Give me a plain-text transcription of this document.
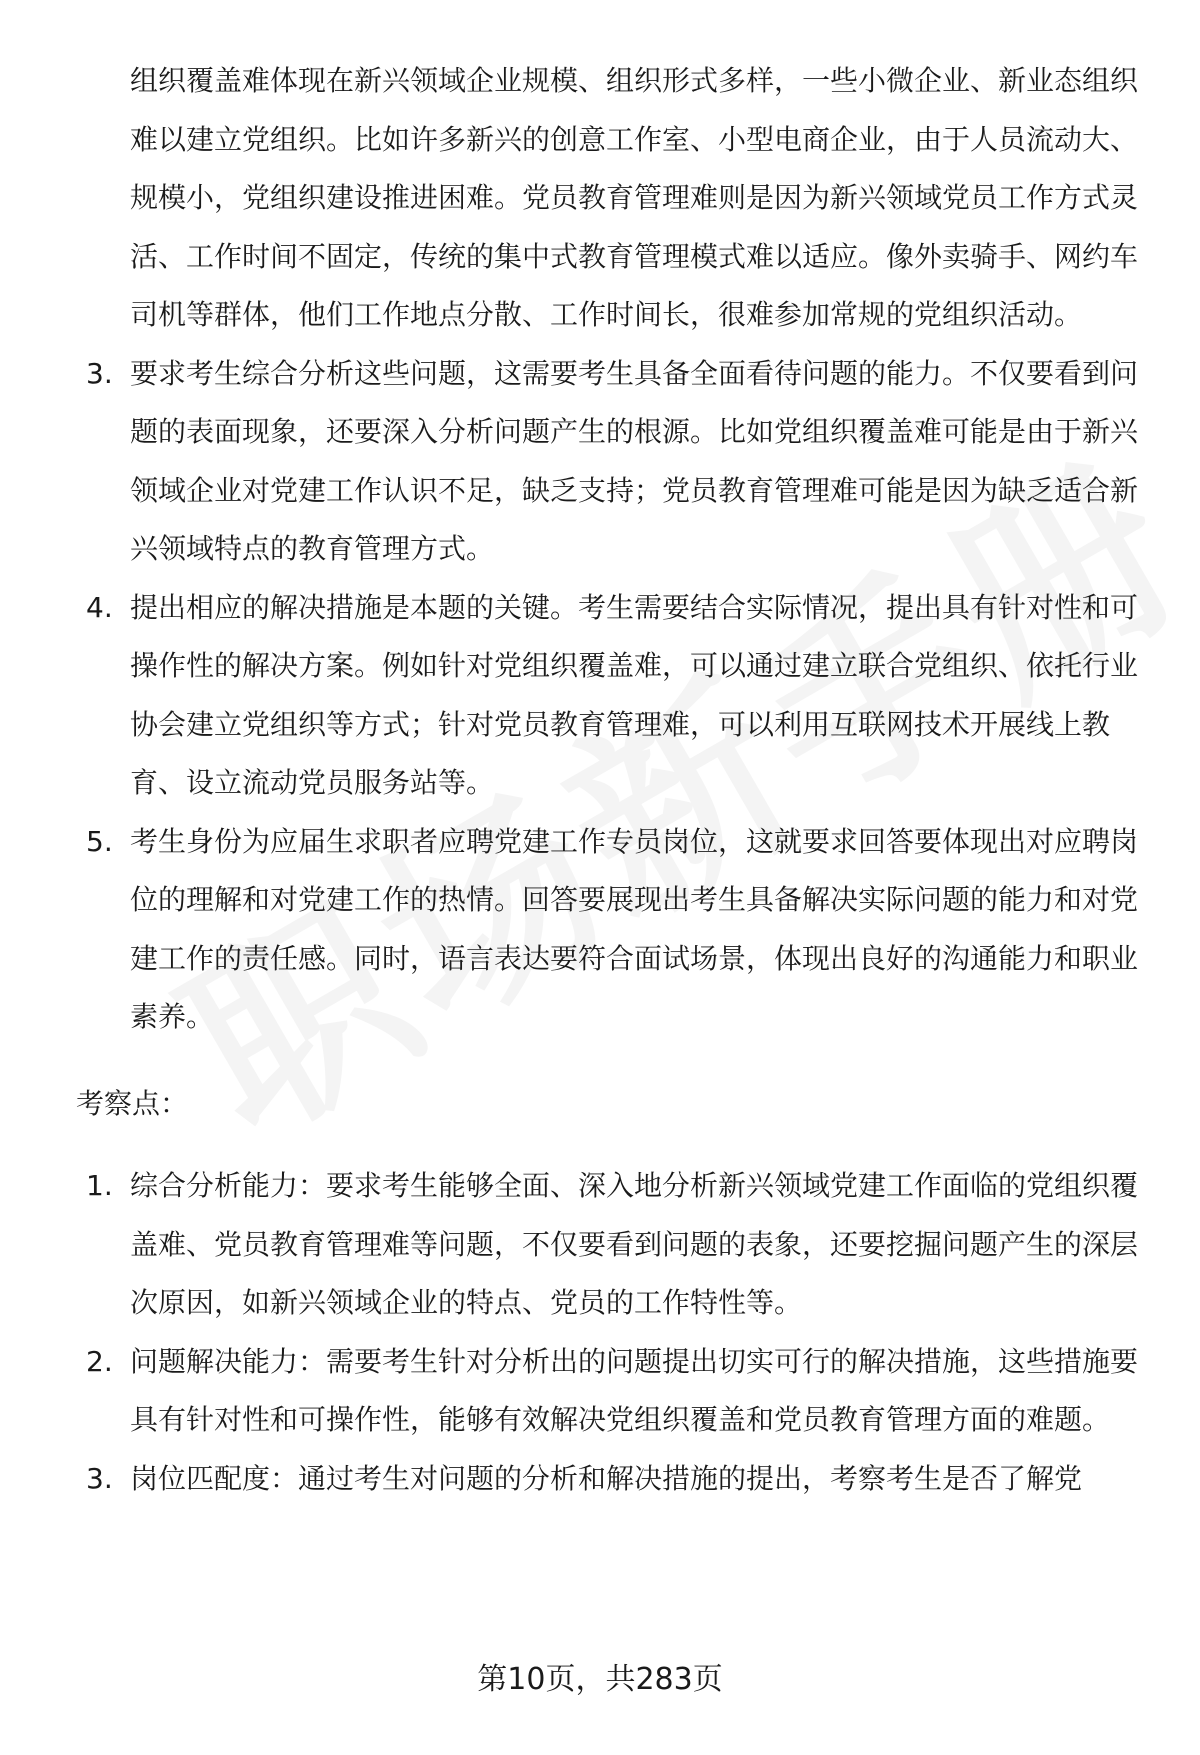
组织覆盖难体现在新兴领域企业规模、组织形式多样，一些小微企业、新业态组织难以建立党组织。比如许多新兴的创意工作室、小型电商企业，由于人员流动大、规模小，党组织建设推进困难。党员教育管理难则是因为新兴领域党员工作方式灵活、工作时间不固定，传统的集中式教育管理模式难以适应。像外卖骑手、网约车司机等群体，他们工作地点分散、工作时间长，很难参加常规的党组织活动。

3. 要求考生综合分析这些问题，这需要考生具备全面看待问题的能力。不仅要看到问题的表面现象，还要深入分析问题产生的根源。比如党组织覆盖难可能是由于新兴领域企业对党建工作认识不足，缺乏支持；党员教育管理难可能是因为缺乏适合新兴领域特点的教育管理方式。
4. 提出相应的解决措施是本题的关键。考生需要结合实际情况，提出具有针对性和可操作性的解决方案。例如针对党组织覆盖难，可以通过建立联合党组织、依托行业协会建立党组织等方式；针对党员教育管理难，可以利用互联网技术开展线上教育、设立流动党员服务站等。
5. 考生身份为应届生求职者应聘党建工作专员岗位，这就要求回答要体现出对应聘岗位的理解和对党建工作的热情。回答要展现出考生具备解决实际问题的能力和对党建工作的责任感。同时，语言表达要符合面试场景，体现出良好的沟通能力和职业素养。
考察点：
1. 综合分析能力：要求考生能够全面、深入地分析新兴领域党建工作面临的党组织覆盖难、党员教育管理难等问题，不仅要看到问题的表象，还要挖掘问题产生的深层次原因，如新兴领域企业的特点、党员的工作特性等。
2. 问题解决能力：需要考生针对分析出的问题提出切实可行的解决措施，这些措施要具有针对性和可操作性，能够有效解决党组织覆盖和党员教育管理方面的难题。
3. 岗位匹配度：通过考生对问题的分析和解决措施的提出，考察考生是否了解党
第10页，共283页
